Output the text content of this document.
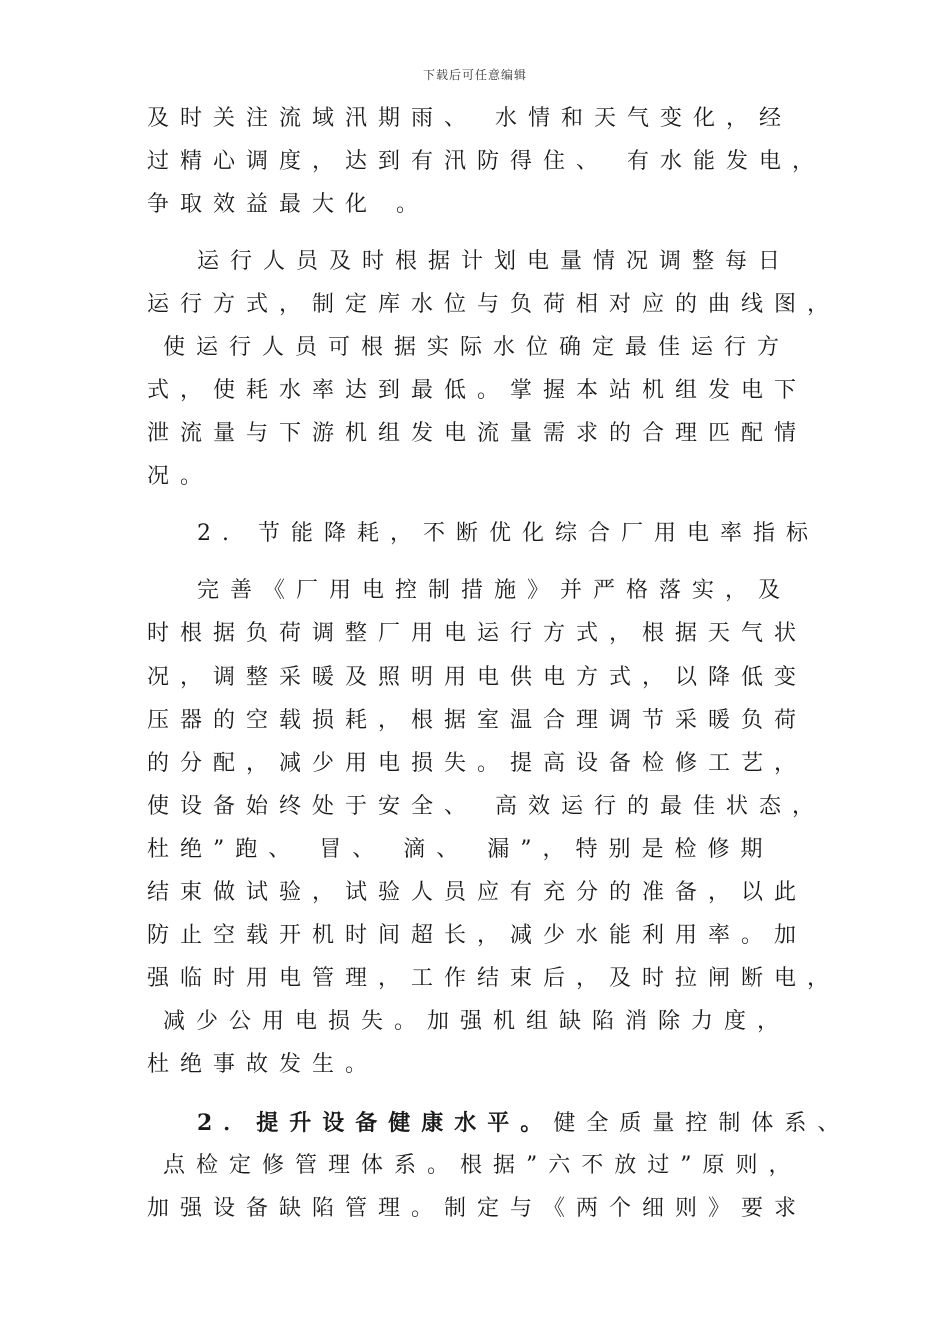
下载后可任意编辑
及时关注流域汛期雨、 水情和天气变化，经
过精心调度，达到有汛防得住、 有水能发电，
争取效益最大化 。
运行人员及时根据计划电量情况调整每日
运行方式，制定库水位与负荷相对应的曲线图，
使运行人员可根据实际水位确定最佳运行方
式，使耗水率达到最低。掌握本站机组发电下
泄流量与下游机组发电流量需求的合理匹配情
况。
2. 节能降耗，不断优化综合厂用电率指标
完善《厂用电控制措施》并严格落实，及
时根据负荷调整厂用电运行方式，根据天气状
况，调整采暖及照明用电供电方式，以降低变
压器的空载损耗，根据室温合理调节采暖负荷
的分配，减少用电损失。提高设备检修工艺，
使设备始终处于安全、 高效运行的最佳状态，
杜绝”跑、 冒、 滴、 漏”，特别是检修期
结束做试验，试验人员应有充分的准备，以此
防止空载开机时间超长，减少水能利用率。加
强临时用电管理，工作结束后，及时拉闸断电，
减少公用电损失。加强机组缺陷消除力度，
杜绝事故发生。
2．提升设备健康水平。健全质量控制体系、
点检定修管理体系。根据”六不放过”原则，
加强设备缺陷管理。制定与《两个细则》要求
